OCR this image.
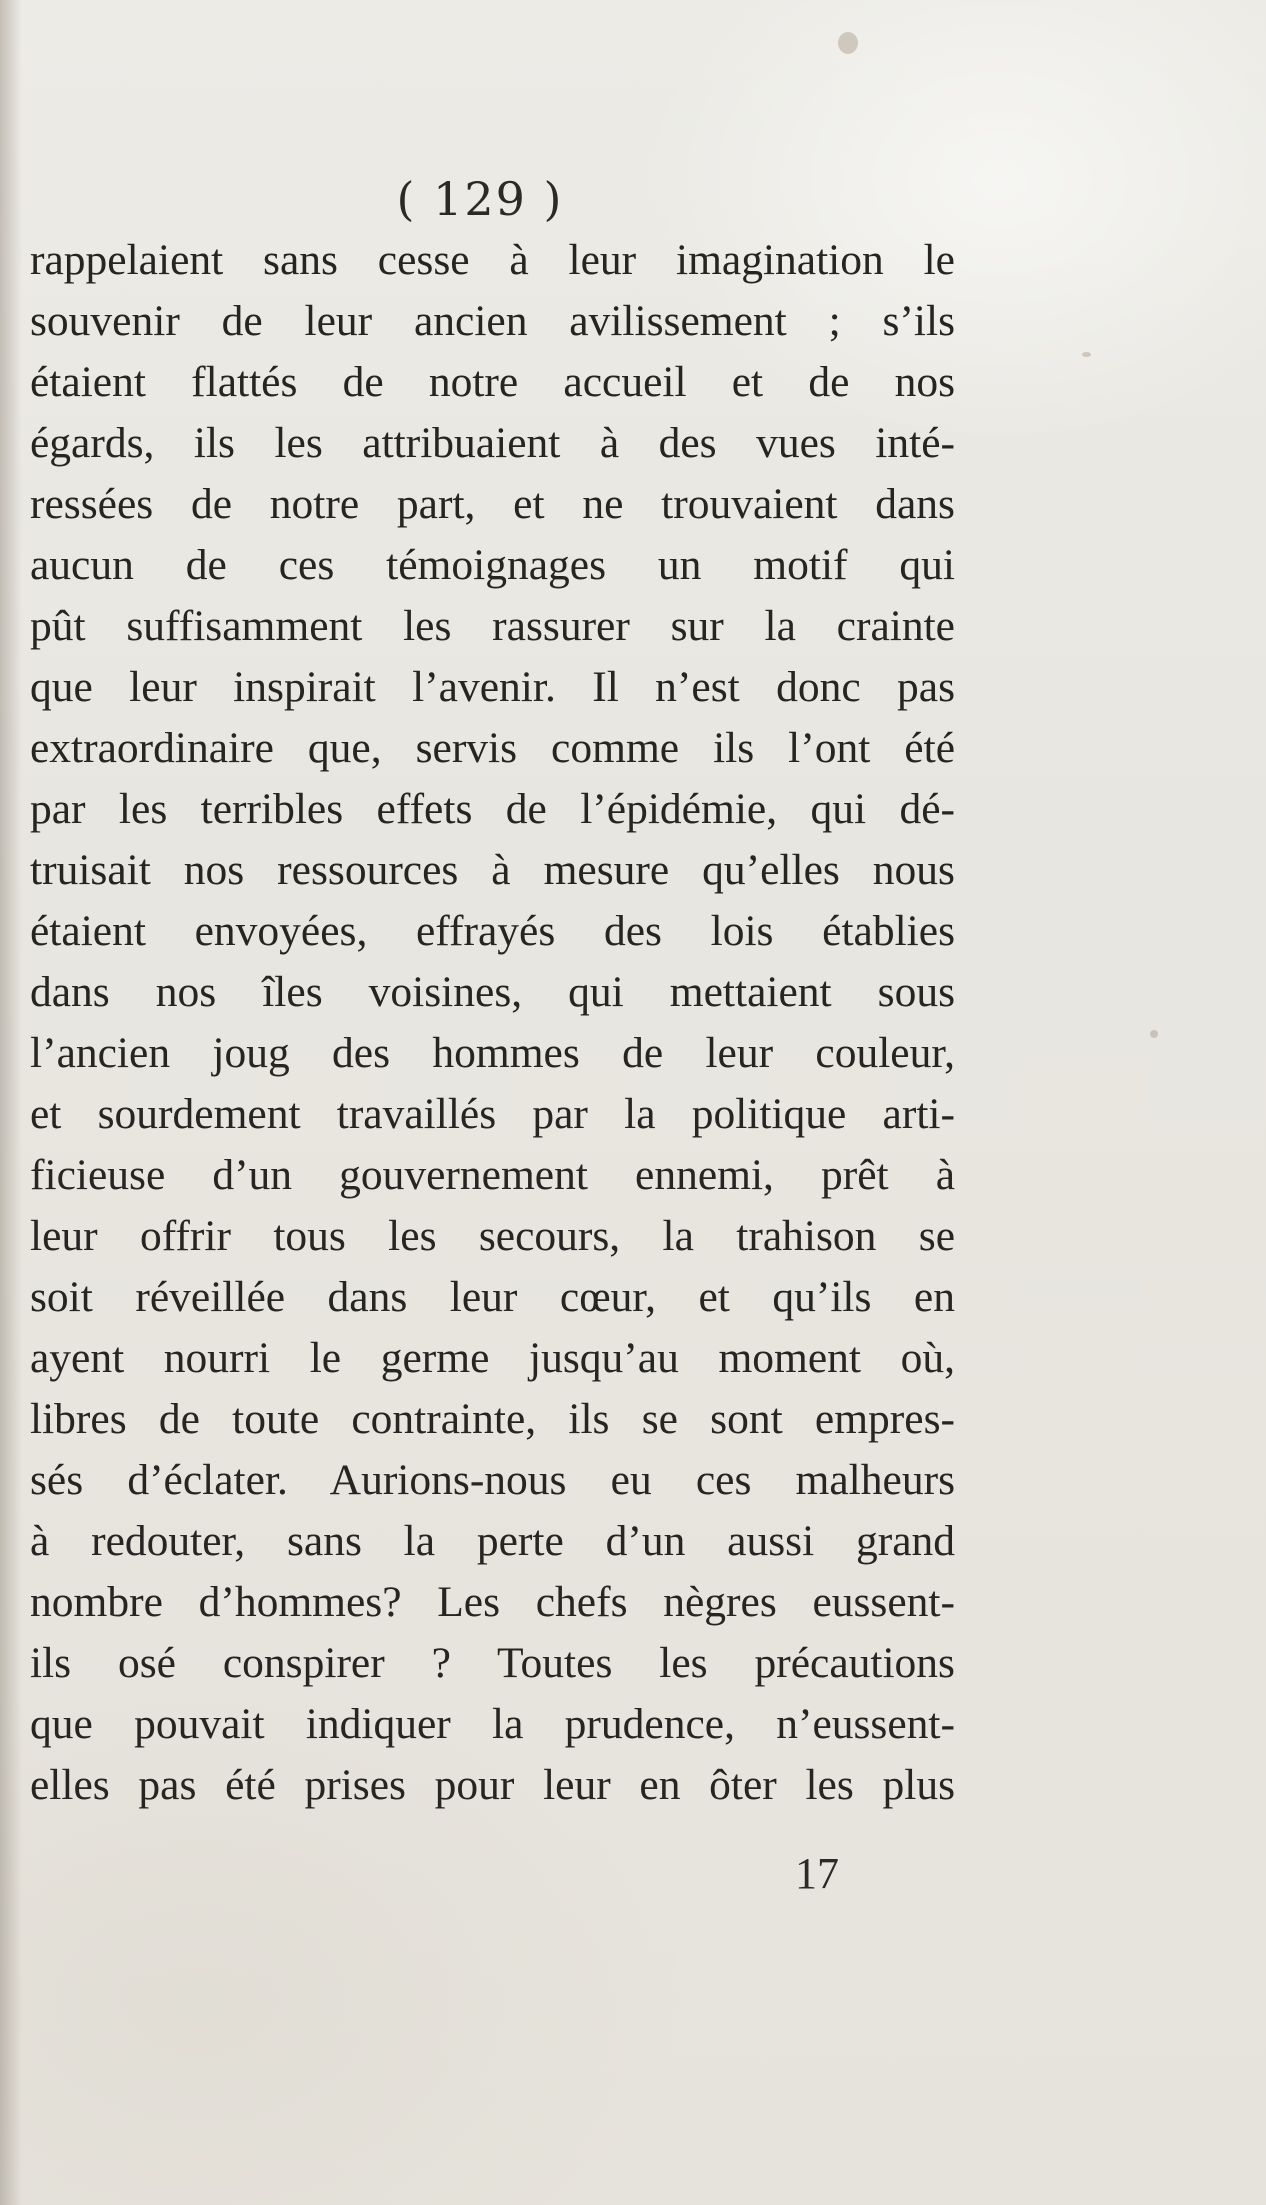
( 129 )
rappelaient sans cesse à leur imagination le
souvenir de leur ancien avilissement ; s’ils
étaient flattés de notre accueil et de nos
égards, ils les attribuaient à des vues inté-
ressées de notre part, et ne trouvaient dans
aucun de ces témoignages un motif qui
pût suffisamment les rassurer sur la crainte
que leur inspirait l’avenir. Il n’est donc pas
extraordinaire que, servis comme ils l’ont été
par les terribles effets de l’épidémie, qui dé-
truisait nos ressources à mesure qu’elles nous
étaient envoyées, effrayés des lois établies
dans nos îles voisines, qui mettaient sous
l’ancien joug des hommes de leur couleur,
et sourdement travaillés par la politique arti-
ficieuse d’un gouvernement ennemi, prêt à
leur offrir tous les secours, la trahison se
soit réveillée dans leur cœur, et qu’ils en
ayent nourri le germe jusqu’au moment où,
libres de toute contrainte, ils se sont empres-
sés d’éclater. Aurions-nous eu ces malheurs
à redouter, sans la perte d’un aussi grand
nombre d’hommes? Les chefs nègres eussent-
ils osé conspirer ? Toutes les précautions
que pouvait indiquer la prudence, n’eussent-
elles pas été prises pour leur en ôter les plus
17
